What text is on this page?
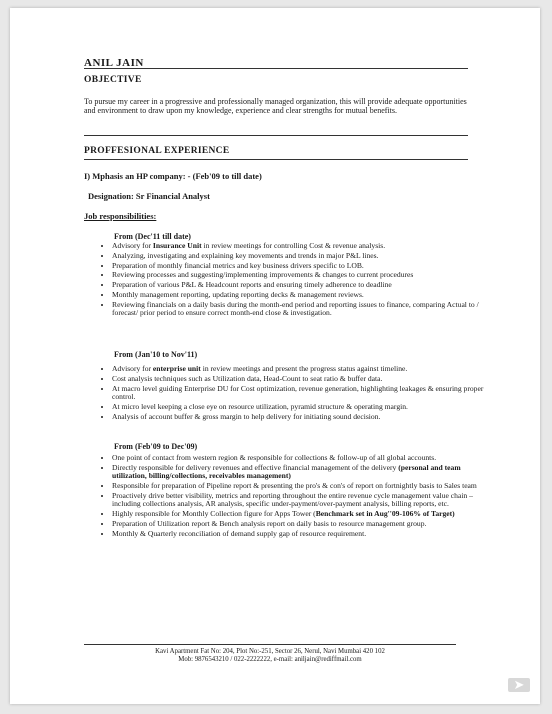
ANIL JAIN
OBJECTIVE
To pursue my career in a progressive and professionally managed organization, this will provide adequate opportunities and environment to draw upon my knowledge, experience and clear strengths for mutual benefits.
PROFFESIONAL EXPERIENCE
I) Mphasis an HP company: - (Feb'09 to till date)
Designation: Sr Financial Analyst
Job responsibilities:
From (Dec'11 till date)
• Advisory for Insurance Unit in review meetings for controlling Cost & revenue analysis.
• Analyzing, investigating and explaining key movements and trends in major P&L lines.
• Preparation of monthly financial metrics and key business drivers specific to LOB.
• Reviewing processes and suggesting/implementing improvements & changes to current procedures
• Preparation of various P&L & Headcount reports and ensuring timely adherence to deadline
• Monthly management reporting, updating reporting decks & management reviews.
• Reviewing financials on a daily basis during the month-end period and reporting issues to finance, comparing Actual to / forecast/ prior period to ensure correct month-end close & investigation.
From (Jan'10 to Nov'11)
• Advisory for enterprise unit in review meetings and present the progress status against timeline.
• Cost analysis techniques such as Utilization data, Head-Count to seat ratio & buffer data.
• At macro level guiding Enterprise DU for Cost optimization, revenue generation, highlighting leakages & ensuring proper control.
• At micro level keeping a close eye on resource utilization, pyramid structure & operating margin.
• Analysis of account buffer & gross margin to help delivery for initiating sound decision.
From (Feb'09 to Dec'09)
• One point of contact from western region & responsible for collections & follow-up of all global accounts.
• Directly responsible for delivery revenues and effective financial management of the delivery (personal and team utilization, billing/collections, receivables management)
• Responsible for preparation of Pipeline report & presenting the pro's & con's of report on fortnightly basis to Sales team
• Proactively drive better visibility, metrics and reporting throughout the entire revenue cycle management value chain – including collections analysis, AR analysis, specific under-payment/over-payment analysis, billing reports, etc.
• Highly responsible for Monthly Collection figure for Apps Tower (Benchmark set in Aug''09-106% of Target)
• Preparation of Utilization report & Bench analysis report on daily basis to resource management group.
• Monthly & Quarterly reconciliation of demand supply gap of resource requirement.
Kavi Apartment Fat No: 204, Plot No:-251, Sector 26, Nerul, Navi Mumbai 420 102
Mob: 9876543210 / 022-2222222, e-mail: aniljain@rediffmail.com
➤
